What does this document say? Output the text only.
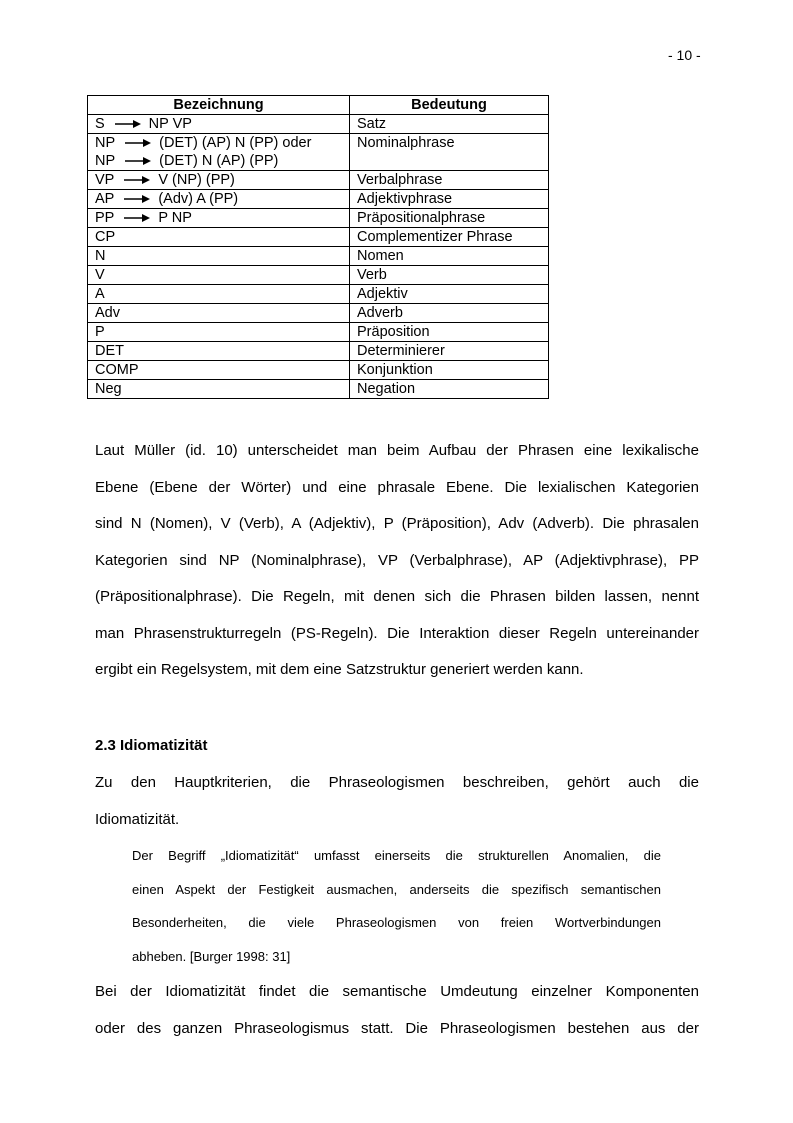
- 10 -
Bezeichnung	Bedeutung

S NP VP	Satz

NP (DET) (AP) N (PP) oder
NP (DET) N (AP) (PP)	Nominalphrase

VP V (NP) (PP)	Verbalphrase

AP (Adv) A (PP)	Adjektivphrase

PP P NP	Präpositionalphrase

CP	Complementizer Phrase

N	Nomen

V	Verb

A	Adjektiv

Adv	Adverb

P	Präposition

DET	Determinierer

COMP	Konjunktion

Neg	Negation
Laut Müller (id. 10) unterscheidet man beim Aufbau der Phrasen eine lexikalische
Ebene (Ebene der Wörter) und eine phrasale Ebene. Die lexialischen Kategorien
sind N (Nomen), V (Verb), A (Adjektiv), P (Präposition), Adv (Adverb). Die phrasalen
Kategorien sind NP (Nominalphrase), VP (Verbalphrase), AP (Adjektivphrase), PP
(Präpositionalphrase). Die Regeln, mit denen sich die Phrasen bilden lassen, nennt
man Phrasenstrukturregeln (PS-Regeln). Die Interaktion dieser Regeln untereinander
ergibt ein Regelsystem, mit dem eine Satzstruktur generiert werden kann.
2.3 Idiomatizität
Zu den Hauptkriterien, die Phraseologismen beschreiben, gehört auch die
Idiomatizität.
Der Begriff „Idiomatizität“ umfasst einerseits die strukturellen Anomalien, die
einen Aspekt der Festigkeit ausmachen, anderseits die spezifisch semantischen
Besonderheiten, die viele Phraseologismen von freien Wortverbindungen
abheben. [Burger 1998: 31]
Bei der Idiomatizität findet die semantische Umdeutung einzelner Komponenten
oder des ganzen Phraseologismus statt. Die Phraseologismen bestehen aus der
